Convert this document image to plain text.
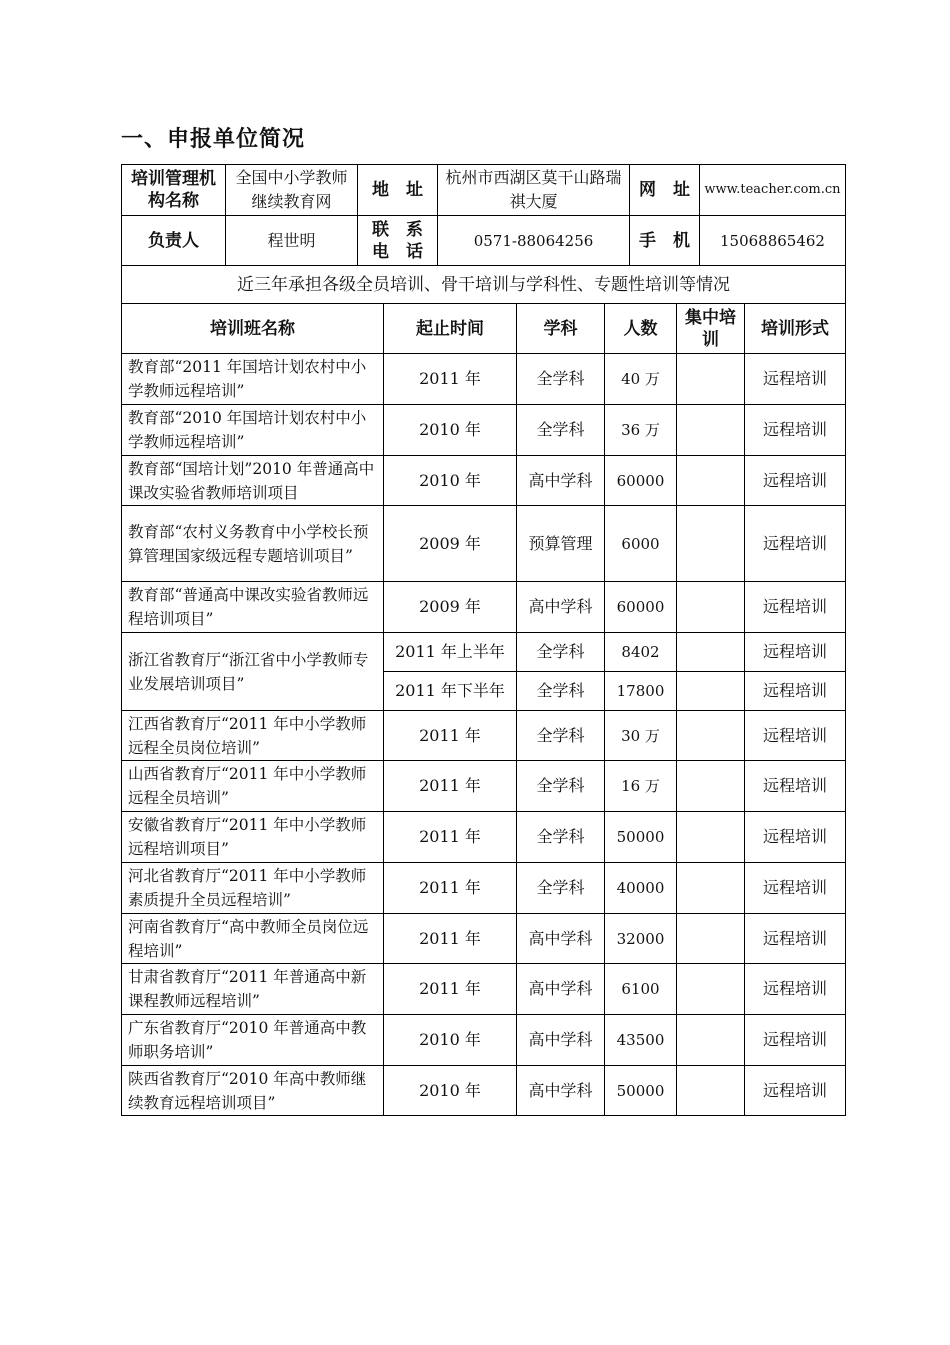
一、申报单位简况
培训管理机构名称	全国中小学教师继续教育网	地　址	杭州市西湖区莫干山路瑞祺大厦	网　址	www.teacher.com.cn
负责人	程世明	联　系 电　话	0571-88064256	手　机	15068865462
近三年承担各级全员培训、骨干培训与学科性、专题性培训等情况					
培训班名称	起止时间	学科	人数	集中培训	培训形式
教育部“2011 年国培计划农村中小学教师远程培训”	2011 年	全学科	40 万		远程培训
教育部“2010 年国培计划农村中小学教师远程培训”	2010 年	全学科	36 万		远程培训
教育部“国培计划”2010 年普通高中课改实验省教师培训项目	2010 年	高中学科	60000		远程培训
教育部“农村义务教育中小学校长预算管理国家级远程专题培训项目”	2009 年	预算管理	6000		远程培训
教育部“普通高中课改实验省教师远程培训项目”	2009 年	高中学科	60000		远程培训
浙江省教育厅“浙江省中小学教师专业发展培训项目”	2011 年上半年	全学科	8402		远程培训
	2011 年下半年	全学科	17800		远程培训
江西省教育厅“2011 年中小学教师远程全员岗位培训”	2011 年	全学科	30 万		远程培训
山西省教育厅“2011 年中小学教师远程全员培训”	2011 年	全学科	16 万		远程培训
安徽省教育厅“2011 年中小学教师远程培训项目”	2011 年	全学科	50000		远程培训
河北省教育厅“2011 年中小学教师素质提升全员远程培训”	2011 年	全学科	40000		远程培训
河南省教育厅“高中教师全员岗位远程培训”	2011 年	高中学科	32000		远程培训
甘肃省教育厅“2011 年普通高中新课程教师远程培训”	2011 年	高中学科	6100		远程培训
广东省教育厅“2010 年普通高中教师职务培训”	2010 年	高中学科	43500		远程培训
陕西省教育厅“2010 年高中教师继续教育远程培训项目”	2010 年	高中学科	50000		远程培训
